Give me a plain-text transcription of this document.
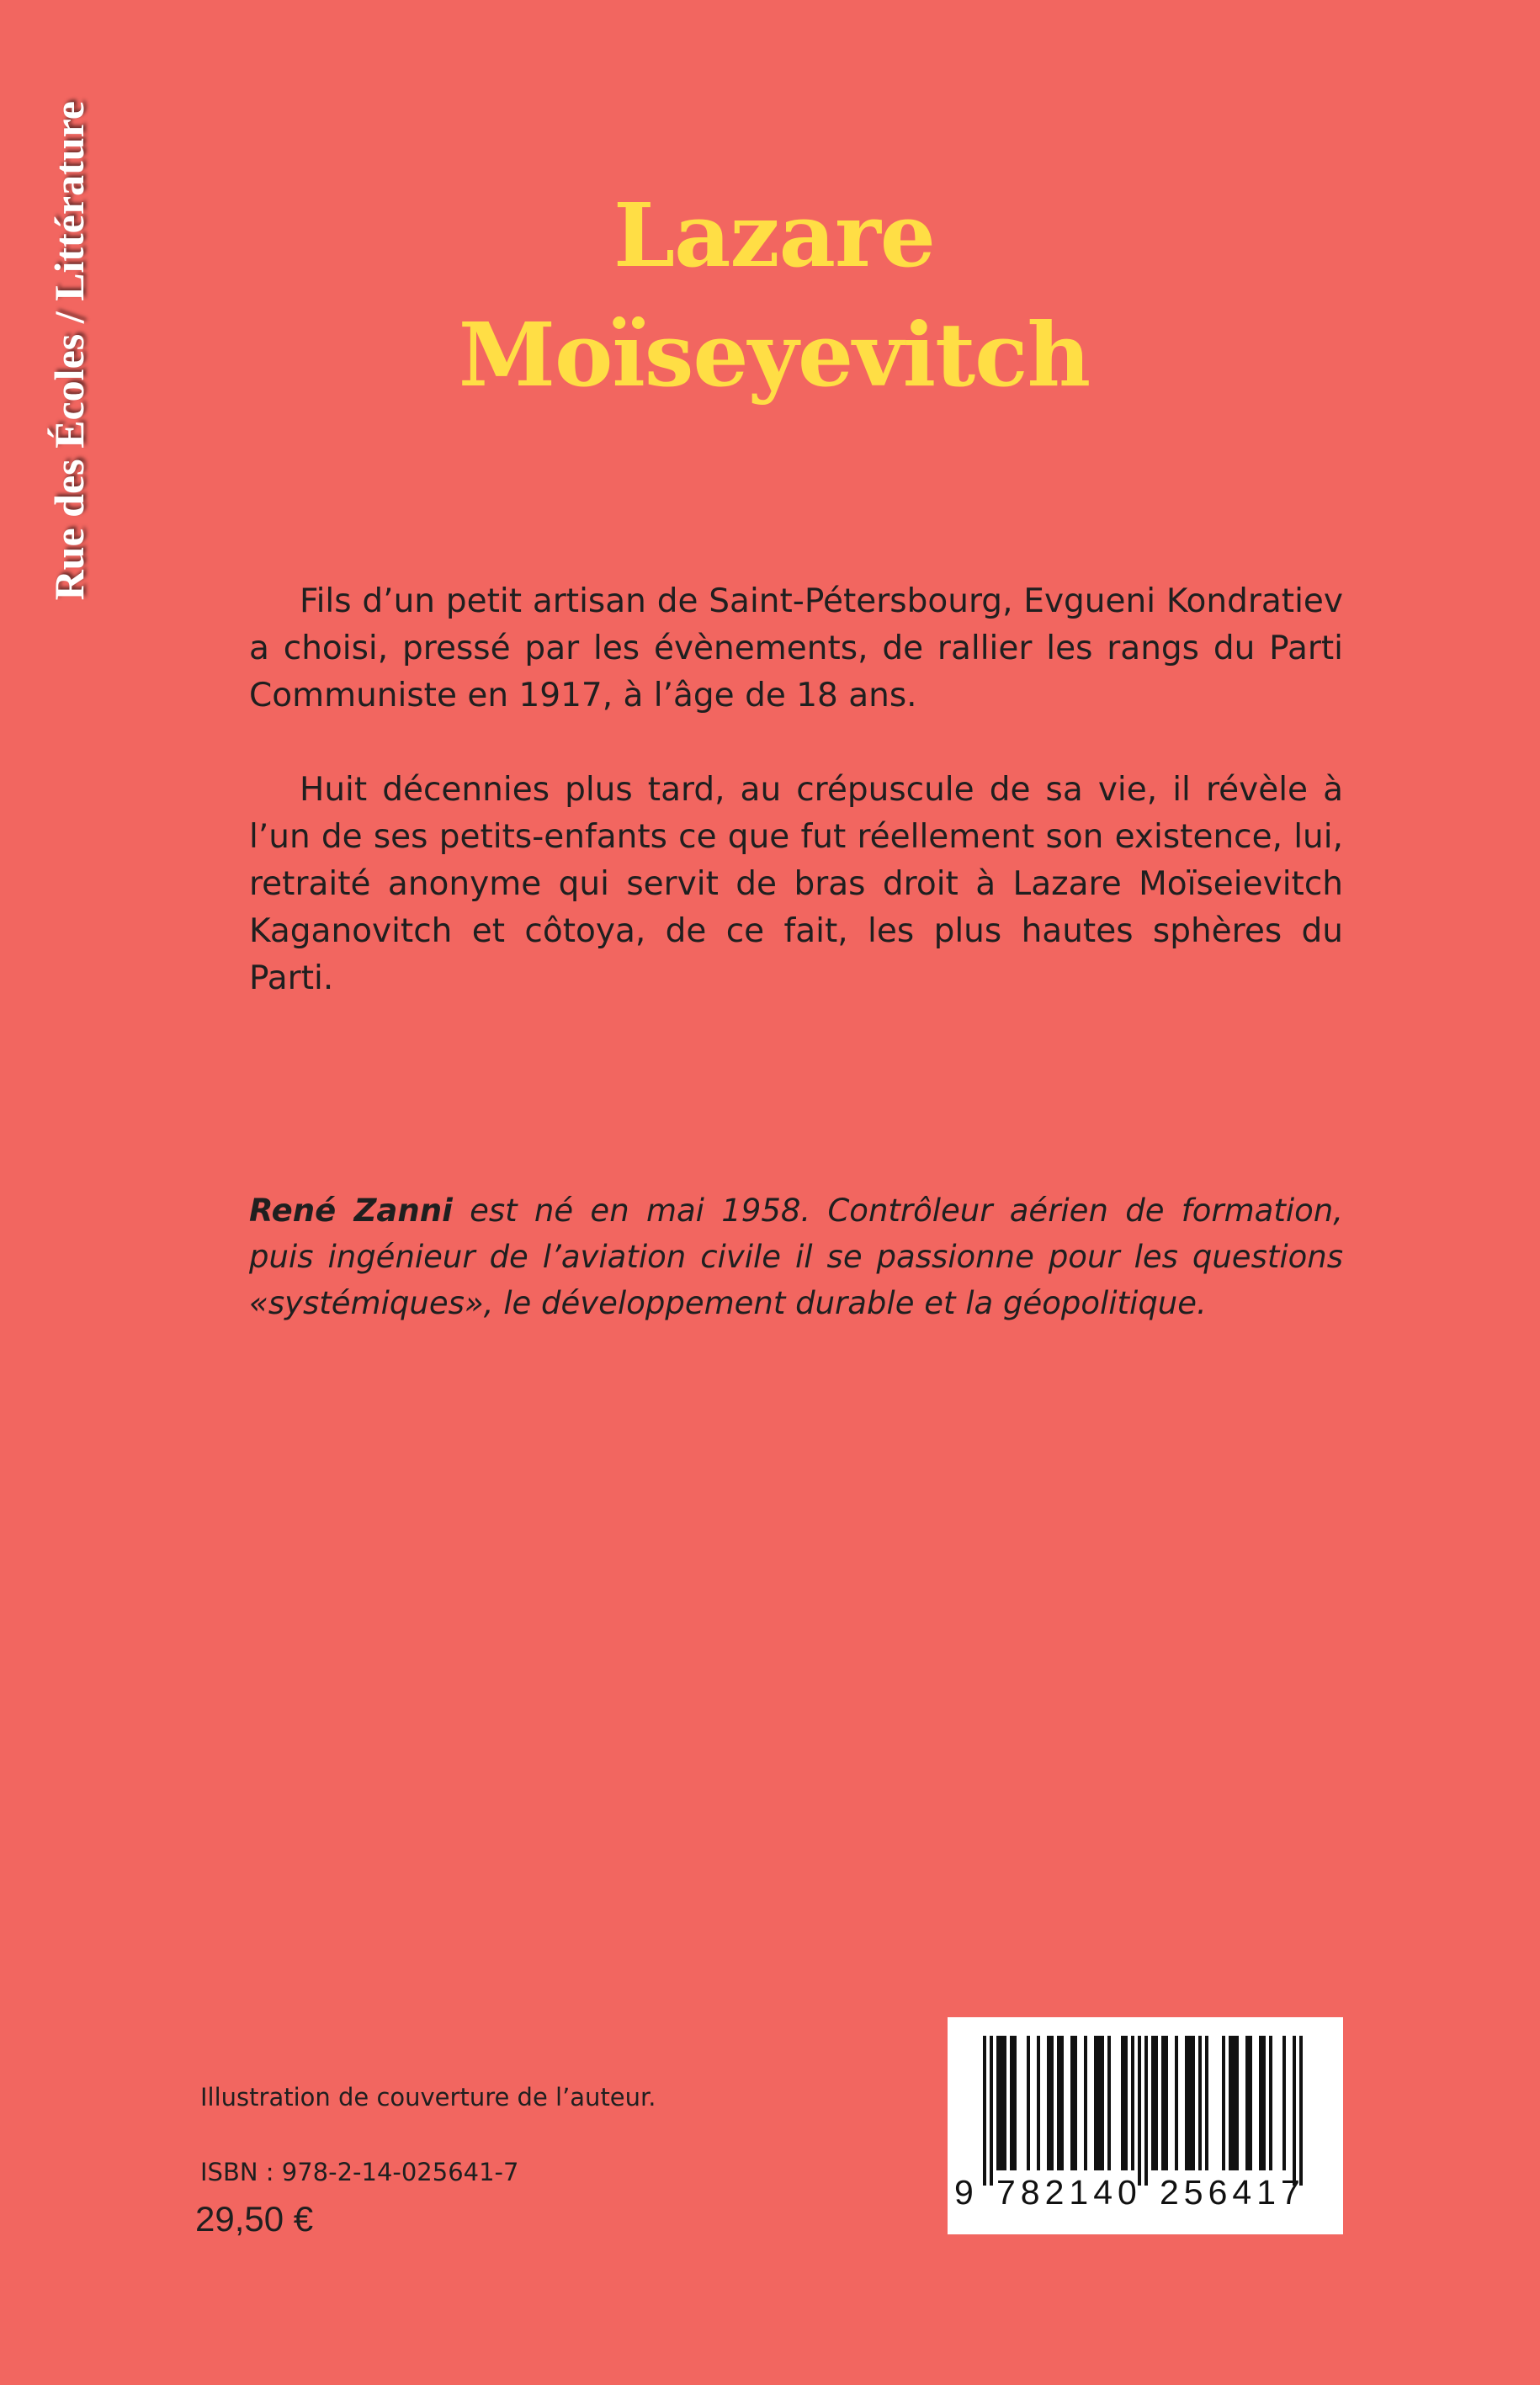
Rue des Écoles / Littérature	Lazare
Moïseyevitch

Fils d’un petit artisan de Saint-Pétersbourg, Evgueni Kondratiev a choisi, pressé par les évènements, de rallier les rangs du Parti Communiste en 1917, à l’âge de 18 ans.

Huit décennies plus tard, au crépuscule de sa vie, il révèle à l’un de ses petits-enfants ce que fut réellement son existence, lui, retraité anonyme qui servit de bras droit à Lazare Moïseievitch Kaganovitch et côtoya, de ce fait, les plus hautes sphères du Parti.

René Zanni est né en mai 1958. Contrôleur aérien de formation, puis ingénieur de l’aviation civile il se passionne pour les questions «systémiques», le développement durable et la géopolitique.
Illustration de couverture de l’auteur.
ISBN : 978-2-14-025641-7
29,50 €
9 782140 256417
